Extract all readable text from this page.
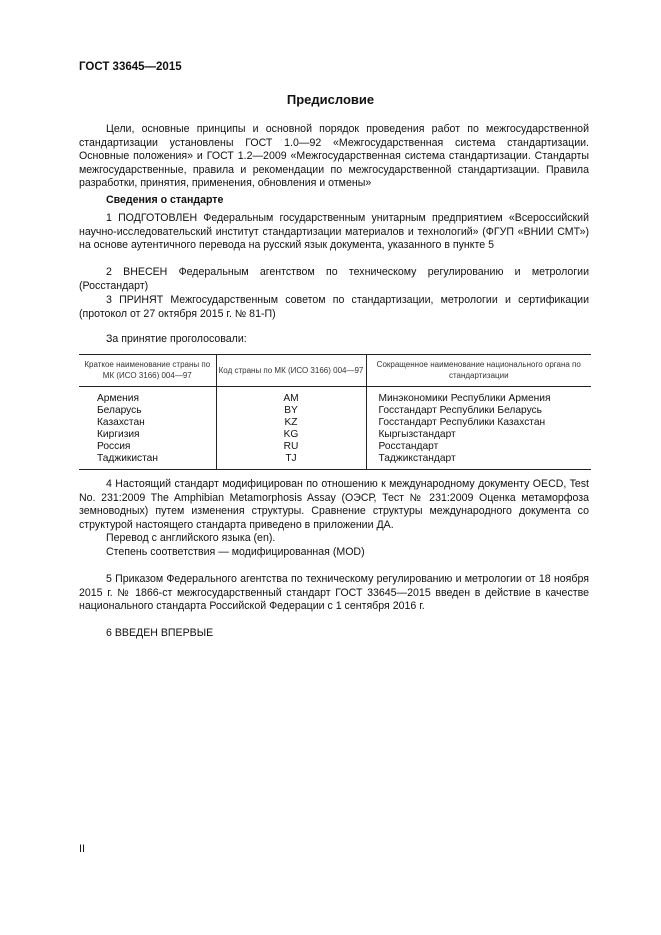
ГОСТ 33645—2015
Предисловие

Цели, основные принципы и основной порядок проведения работ по межгосударственной стандартизации установлены ГОСТ 1.0—92 «Межгосударственная система стандартизации. Основные положения» и ГОСТ 1.2—2009 «Межгосударственная система стандартизации. Стандарты межгосударственные, правила и рекомендации по межгосударственной стандартизации. Правила разработки, принятия, применения, обновления и отмены»

Сведения о стандарте

1 ПОДГОТОВЛЕН Федеральным государственным унитарным предприятием «Всероссийский научно-исследовательский институт стандартизации материалов и технологий» (ФГУП «ВНИИ СМТ») на основе аутентичного перевода на русский язык документа, указанного в пункте 5

2 ВНЕСЕН Федеральным агентством по техническому регулированию и метрологии (Росстандарт)

3 ПРИНЯТ Межгосударственным советом по стандартизации, метрологии и сертификации (протокол от 27 октября 2015 г. № 81-П)

За принятие проголосовали:

Краткое наименование страны по МК (ИСО 3166) 004—97	Код страны по МК (ИСО 3166) 004—97	Сокращенное наименование национального органа по стандартизации
Армения	AM	Минэкономики Республики Армения
Беларусь	BY	Госстандарт Республики Беларусь
Казахстан	KZ	Госстандарт Республики Казахстан
Киргизия	KG	Кыргызстандарт
Россия	RU	Росстандарт
Таджикистан	TJ	Таджикстандарт

4 Настоящий стандарт модифицирован по отношению к международному документу OECD, Test No. 231:2009 The Amphibian Metamorphosis Assay (ОЭСР, Тест № 231:2009 Оценка метаморфоза земноводных) путем изменения структуры. Сравнение структуры международного документа со структурой настоящего стандарта приведено в приложении ДА.

Перевод с английского языка (en).

Степень соответствия — модифицированная (MOD)

5 Приказом Федерального агентства по техническому регулированию и метрологии от 18 ноября 2015 г. № 1866-ст межгосударственный стандарт ГОСТ 33645—2015 введен в действие в качестве национального стандарта Российской Федерации с 1 сентября 2016 г.

6 ВВЕДЕН ВПЕРВЫЕ

II
